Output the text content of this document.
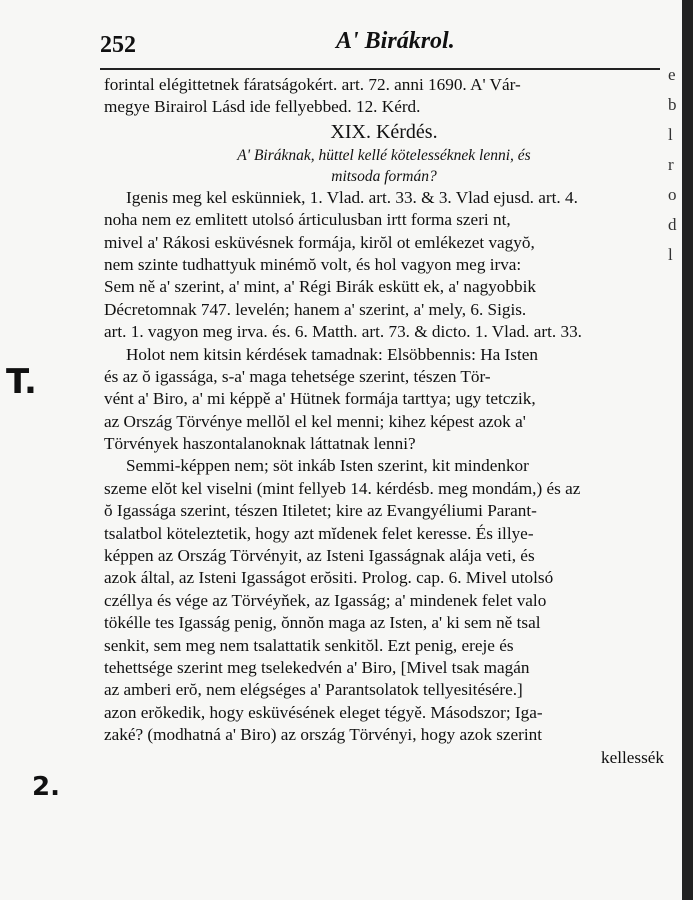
252	A' Birákrol.
forintal elégittetnek fáratságokért. art. 72. anni 1690. A' Vár-
megye Birairol Lásd ide fellyebbed. 12. Kérd.
XIX. Kérdés.
A' Biráknak, hüttel kellé kötelesséknek lenni, és
mitsoda formán?
Igenis meg kel eskünniek, 1. Vlad. art. 33. & 3. Vlad ejusd. art. 4.
noha nem ez emlitett utolsó árticulusban irtt forma szeri nt,
mivel a' Rákosi esküvésnek formája, kirŏl ot emlékezet vagyŏ,
nem szinte tudhattyuk minémŏ volt, és hol vagyon meg irva:
Sem ně a' szerint, a' mint, a' Régi Birák eskütt ek, a' nagyobbik
Décretomnak 747. levelén; hanem a' szerint, a' mely, 6. Sigis.
art. 1. vagyon meg irva. és. 6. Matth. art. 73. & dicto. 1. Vlad. art. 33.
Holot nem kitsin kérdések tamadnak: Elsöbbennis: Ha Isten
és az ŏ igassága, s-a' maga tehetsége szerint, tészen Tör-
vént a' Biro, a' mi képpě a' Hütnek formája tarttya; ugy tetczik,
az Ország Törvénye mellŏl el kel menni; kihez képest azok a'
Törvények haszontalanoknak láttatnak lenni?
Semmi-képpen nem; söt inkáb Isten szerint, kit mindenkor
szeme elŏt kel viselni (mint fellyeb 14. kérdésb. meg mondám,) és az
ŏ Igassága szerint, tészen Itiletet; kire az Evangyéliumi Parant-
tsalatbol köteleztetik, hogy azt mĭdenek felet keresse. És illye-
képpen az Ország Törvényit, az Isteni Igasságnak alája veti, és
azok által, az Isteni Igasságot erŏsiti. Prolog. cap. 6. Mivel utolsó
czéllya és vége az Törvéyňek, az Igasság; a' mindenek felet valo
tökélle tes Igasság penig, ŏnnŏn maga az Isten, a' ki sem ně tsal
senkit, sem meg nem tsalattatik senkitŏl. Ezt penig, ereje és
tehettsége szerint meg tselekedvén a' Biro, [Mivel tsak magán
az amberi erŏ, nem elégséges a' Parantsolatok tellyesitésére.]
azon erŏkedik, hogy esküvésének eleget tégyě. Másodszor; Iga-
zaké? (modhatná a' Biro) az ország Törvényi, hogy azok szerint
kellessék
T.
2.
e
b
l
r
o
d
l
